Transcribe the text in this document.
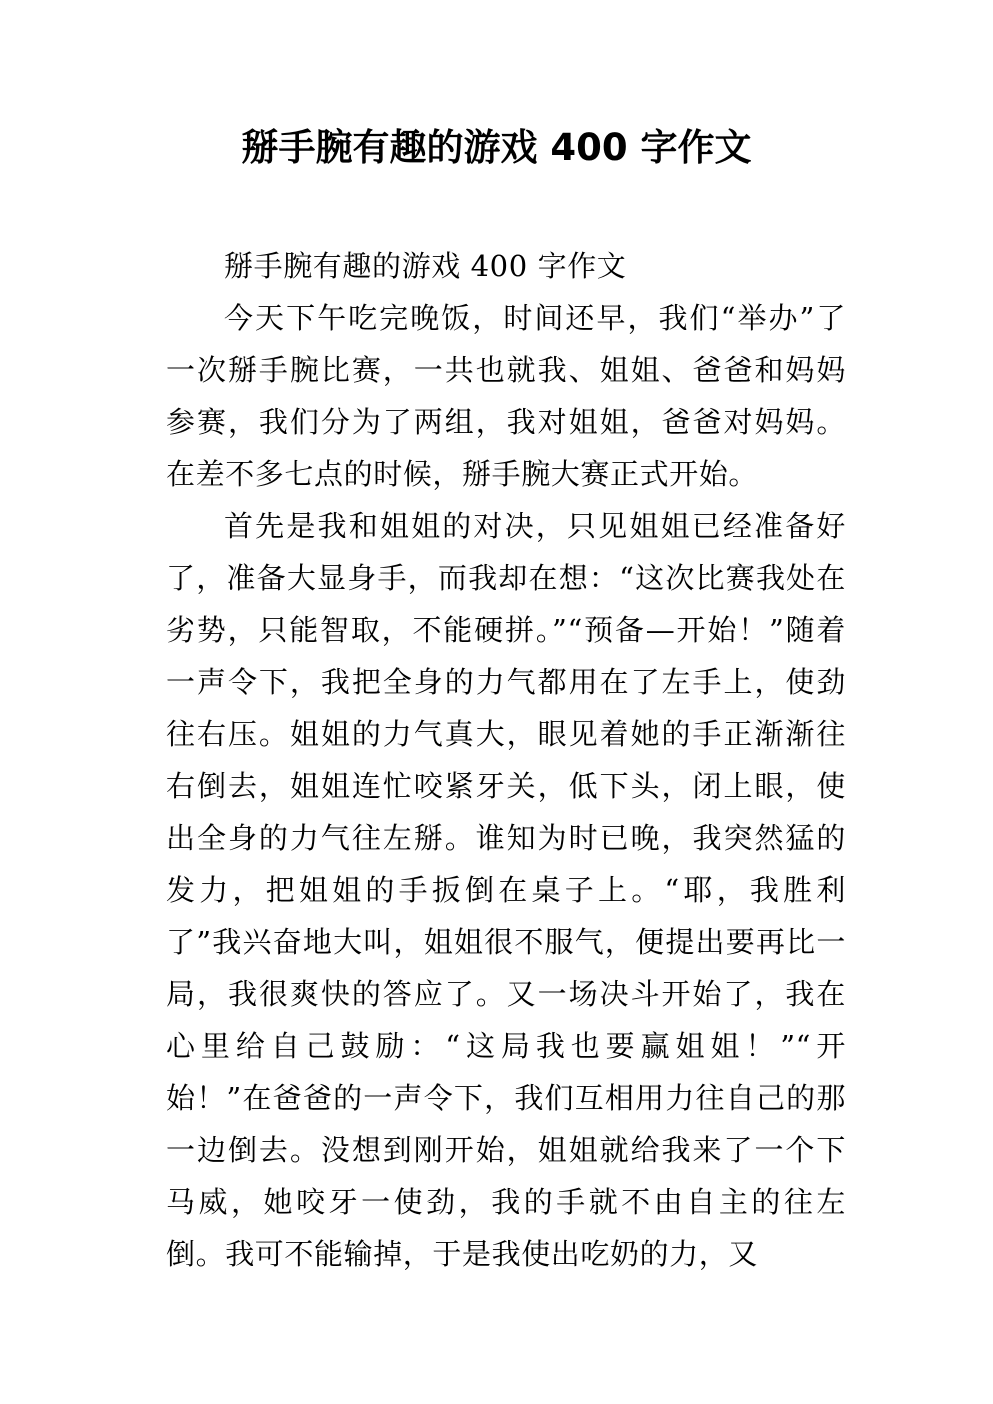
掰手腕有趣的游戏 400 字作文

掰手腕有趣的游戏 400 字作文

今天下午吃完晚饭，时间还早，我们“举办”了一次掰手腕比赛，一共也就我、姐姐、爸爸和妈妈参赛，我们分为了两组，我对姐姐，爸爸对妈妈。在差不多七点的时候，掰手腕大赛正式开始。

首先是我和姐姐的对决，只见姐姐已经准备好了，准备大显身手，而我却在想：“这次比赛我处在劣势，只能智取，不能硬拼。”“预备—开始！”随着一声令下，我把全身的力气都用在了左手上，使劲往右压。姐姐的力气真大，眼见着她的手正渐渐往右倒去，姐姐连忙咬紧牙关，低下头，闭上眼，使出全身的力气往左掰。谁知为时已晚，我突然猛的发力，把姐姐的手扳倒在桌子上。“耶，我胜利了”我兴奋地大叫，姐姐很不服气，便提出要再比一局，我很爽快的答应了。又一场决斗开始了，我在心里给自己鼓励：“这局我也要赢姐姐！”“开始！”在爸爸的一声令下，我们互相用力往自己的那一边倒去。没想到刚开始，姐姐就给我来了一个下马威，她咬牙一使劲，我的手就不由自主的往左倒。我可不能输掉，于是我使出吃奶的力，又
